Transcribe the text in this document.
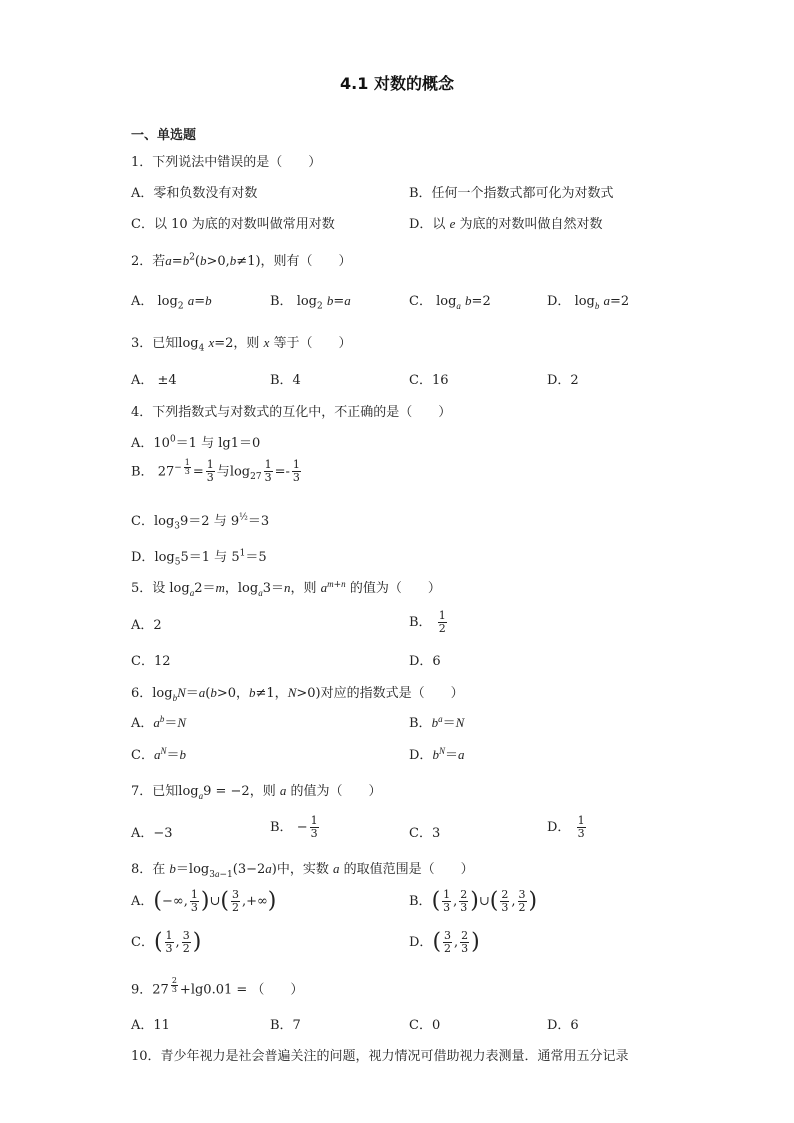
4.1 对数的概念
一、单选题
1．下列说法中错误的是（　　）
A．零和负数没有对数	B．任何一个指数式都可化为对数式
C．以 10 为底的对数叫做常用对数	D．以 e 为底的对数叫做自然对数
2．若$a=b^2(b>0,b\ne 1)$，则有（　　）
A． $\log_2 a=b$	B． $\log_2 b=a$	C． $\log_a b=2$	D． $\log_b a=2$
3．已知$\log_4 x=2$，则 x 等于（　　）
A． ±4	B．4	C．16	D．2
4．下列指数式与对数式的互化中，不正确的是（　　）
A．$10^0=1$ 与 lg1＝0
B． $27^{- \frac{1}{3}} = \frac{1}{3}$ 与$\log_{27} \frac{1}{3} =- \frac{1}{3}$
C．$\log_39=2$ 与 $9^{\frac{1}{2}}=3$
D．$\log_55=1$ 与 $5^1=5$
5．设 $\log_a2=m$，$\log_a3=n$，则 $a^{m+n}$ 的值为（　　）
A．2	B． $\frac{1}{2}$
C．12	D．6
6．$\log_bN=a(b>0$，b≠1，N>0)对应的指数式是（　　）
A．$a^b=N$	B．$b^a=N$
C．$a^N=b$	D．$b^N=a$
7．已知$\log_a9 = -2$，则 a 的值为（　　）
A．−3	B． − $\frac{1}{3}$	C．3	D． $\frac{1}{3}$
8．在 $b=\log_{3a-1}(3-2a)$中，实数 a 的取值范围是（　　）
A．(−∞, $\frac{1}{3}$ )∪( $\frac{3}{2}$ ,+∞)	B．( $\frac{1}{3}$ , $\frac{2}{3}$ )∪( $\frac{2}{3}$ , $\frac{3}{2}$ )
C．( $\frac{1}{3}$ , $\frac{3}{2}$ )	D．( $\frac{3}{2}$ , $\frac{2}{3}$ )
9．27 $^{\frac{2}{3}}$ +lg0.01 = （　　）
A．11	B．7	C．0	D．6
10．青少年视力是社会普遍关注的问题，视力情况可借助视力表测量．通常用五分记录
